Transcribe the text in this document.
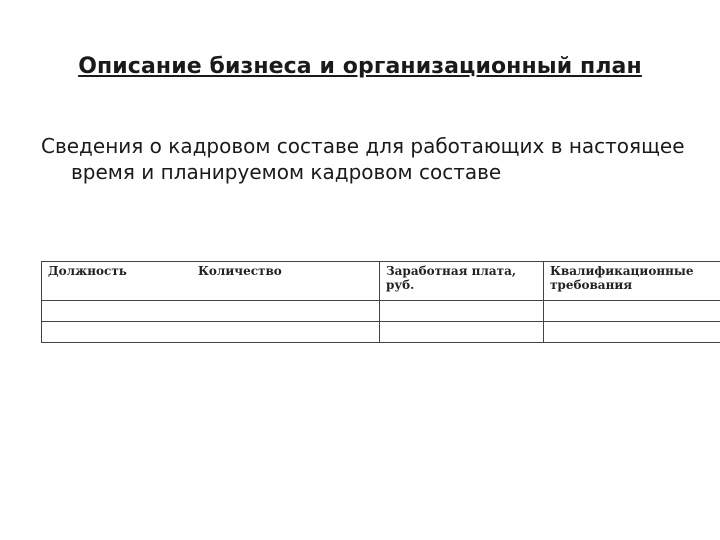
Описание бизнеса и организационный план
Сведения о кадровом составе для работающих в настоящее время и планируемом кадровом составе
Должность Количество	Заработная плата, руб.	Квалификационные требования
